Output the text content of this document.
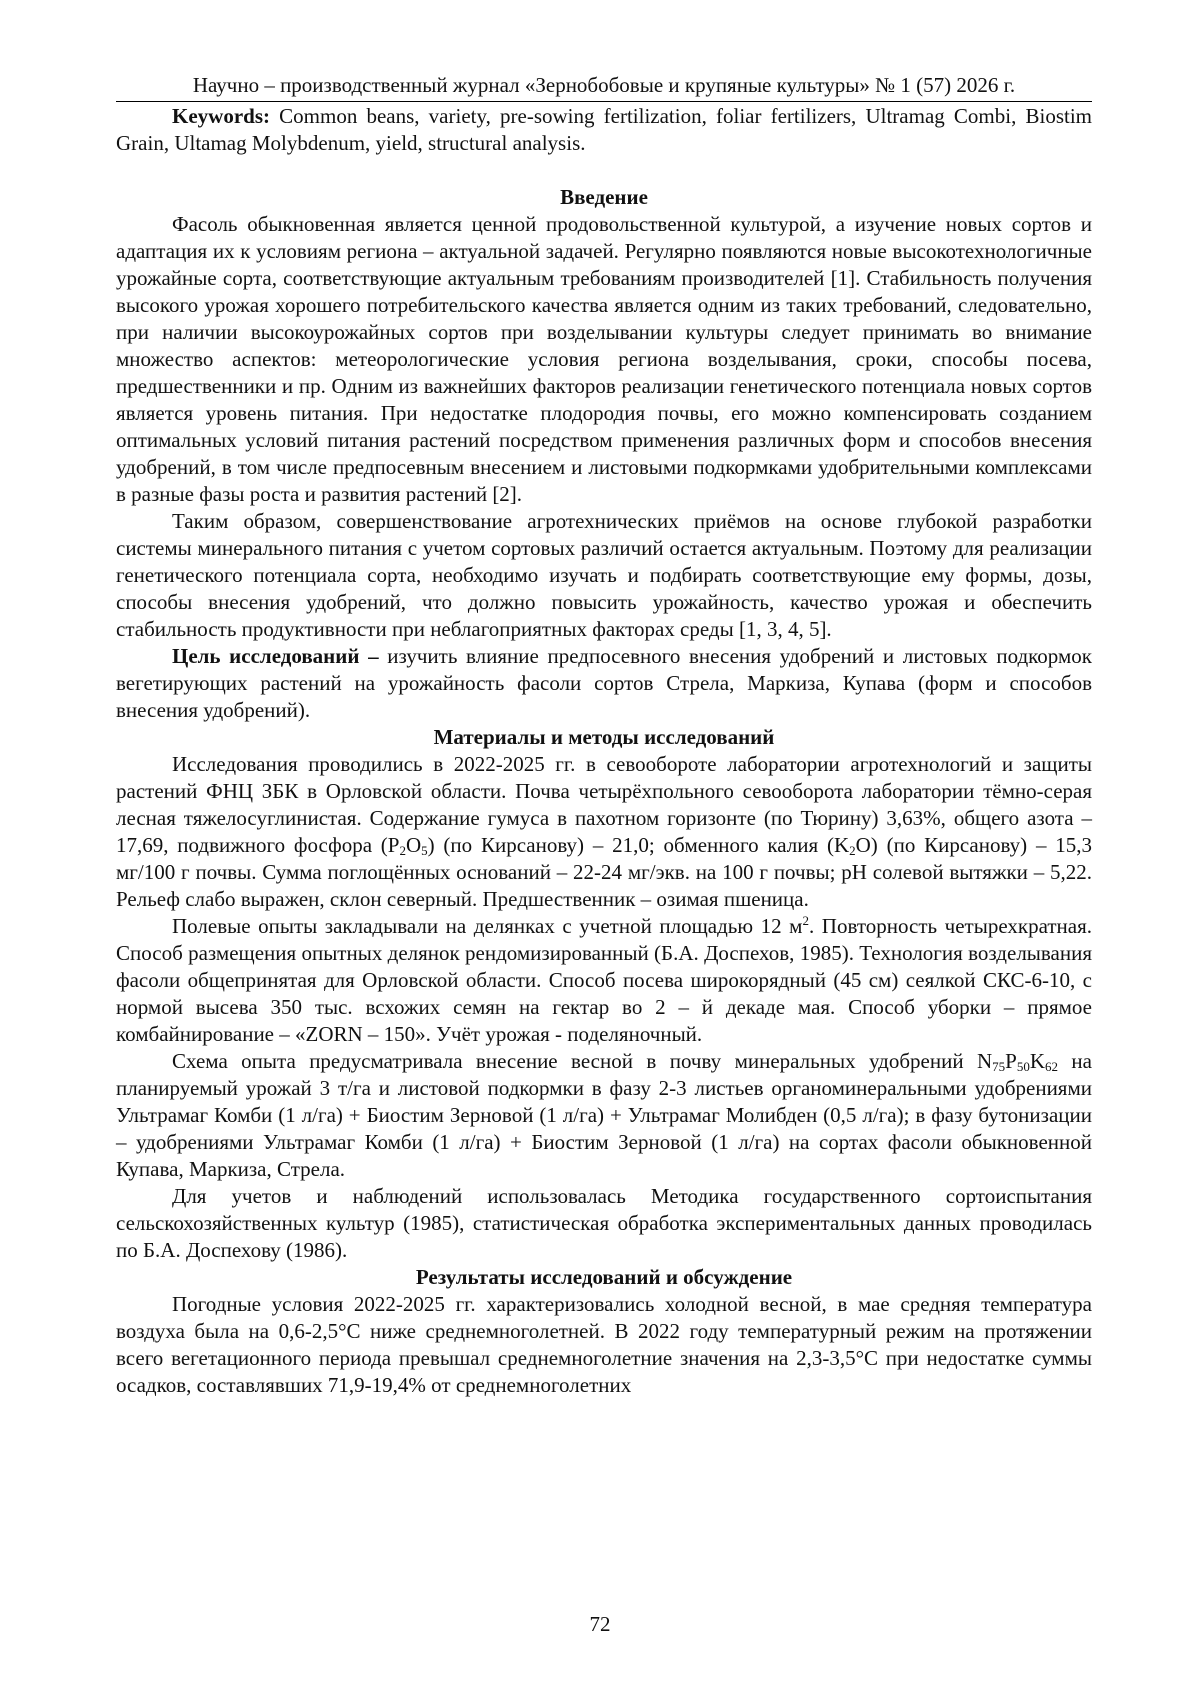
Научно – производственный журнал «Зернобобовые и крупяные культуры» № 1 (57) 2026 г.

Keywords: Common beans, variety, pre-sowing fertilization, foliar fertilizers, Ultramag Combi, Biostim Grain, Ultamag Molybdenum, yield, structural analysis.

Введение

Фасоль обыкновенная является ценной продовольственной культурой, а изучение новых сортов и адаптация их к условиям региона – актуальной задачей. Регулярно появляются новые высокотехнологичные урожайные сорта, соответствующие актуальным требованиям производителей [1]. Стабильность получения высокого урожая хорошего потребительского качества является одним из таких требований, следовательно, при наличии высокоурожайных сортов при возделывании культуры следует принимать во внимание множество аспектов: метеорологические условия региона возделывания, сроки, способы посева, предшественники и пр. Одним из важнейших факторов реализации генетического потенциала новых сортов является уровень питания. При недостатке плодородия почвы, его можно компенсировать созданием оптимальных условий питания растений посредством применения различных форм и способов внесения удобрений, в том числе предпосевным внесением и листовыми подкормками удобрительными комплексами в разные фазы роста и развития растений [2].

Таким образом, совершенствование агротехнических приёмов на основе глубокой разработки системы минерального питания с учетом сортовых различий остается актуальным. Поэтому для реализации генетического потенциала сорта, необходимо изучать и подбирать соответствующие ему формы, дозы, способы внесения удобрений, что должно повысить урожайность, качество урожая и обеспечить стабильность продуктивности при неблагоприятных факторах среды [1, 3, 4, 5].

Цель исследований – изучить влияние предпосевного внесения удобрений и листовых подкормок вегетирующих растений на урожайность фасоли сортов Стрела, Маркиза, Купава (форм и способов внесения удобрений).

Материалы и методы исследований

Исследования проводились в 2022-2025 гг. в севообороте лаборатории агротехнологий и защиты растений ФНЦ ЗБК в Орловской области. Почва четырёхпольного севооборота лаборатории тёмно-серая лесная тяжелосуглинистая. Содержание гумуса в пахотном горизонте (по Тюрину) 3,63%, общего азота – 17,69, подвижного фосфора $(P_2O_5)$ (по Кирсанову) – 21,0; обменного калия $(K_2O)$ (по Кирсанову) – 15,3 мг/100 г почвы. Сумма поглощённых оснований – 22-24 мг/экв. на 100 г почвы; рН солевой вытяжки – 5,22. Рельеф слабо выражен, склон северный. Предшественник – озимая пшеница.

Полевые опыты закладывали на делянках с учетной площадью 12 $м^2$. Повторность четырехкратная. Способ размещения опытных делянок рендомизированный (Б.А. Доспехов, 1985). Технология возделывания фасоли общепринятая для Орловской области. Способ посева широкорядный (45 см) сеялкой СКС-6-10, с нормой высева 350 тыс. всхожих семян на гектар во 2 – й декаде мая. Способ уборки – прямое комбайнирование – «ZORN – 150». Учёт урожая - поделяночный.

Схема опыта предусматривала внесение весной в почву минеральных удобрений $N_{75}P_{50}K_{62}$ на планируемый урожай 3 т/га и листовой подкормки в фазу 2-3 листьев органоминеральными удобрениями Ультрамаг Комби (1 л/га) + Биостим Зерновой (1 л/га) + Ультрамаг Молибден (0,5 л/га); в фазу бутонизации – удобрениями Ультрамаг Комби (1 л/га) + Биостим Зерновой (1 л/га) на сортах фасоли обыкновенной Купава, Маркиза, Стрела.

Для учетов и наблюдений использовалась Методика государственного сортоиспытания сельскохозяйственных культур (1985), статистическая обработка экспериментальных данных проводилась по Б.А. Доспехову (1986).

Результаты исследований и обсуждение

Погодные условия 2022-2025 гг. характеризовались холодной весной, в мае средняя температура воздуха была на 0,6-2,5°С ниже среднемноголетней. В 2022 году температурный режим на протяжении всего вегетационного периода превышал среднемноголетние значения на 2,3-3,5°С при недостатке суммы осадков, составлявших 71,9-19,4% от среднемноголетних

72
